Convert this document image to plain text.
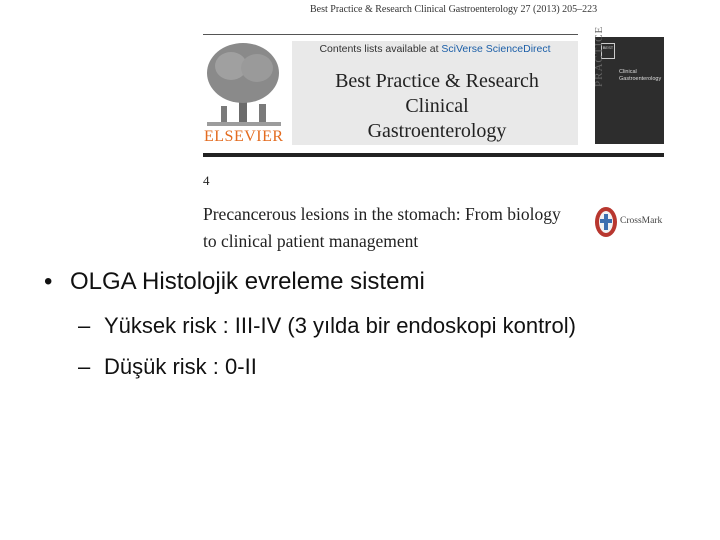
Best Practice & Research Clinical Gastroenterology 27 (2013) 205–223
ELSEVIER
Contents lists available at SciVerse ScienceDirect
Best Practice & Research Clinical
Gastroenterology
BEST
Clinical
Gastroenterology
PRACTICE
4
Precancerous lesions in the stomach: From biology to clinical patient management
CrossMark
• OLGA Histolojik evreleme sistemi
– Yüksek risk : III-IV (3 yılda bir endoskopi kontrol)
– Düşük risk : 0-II
